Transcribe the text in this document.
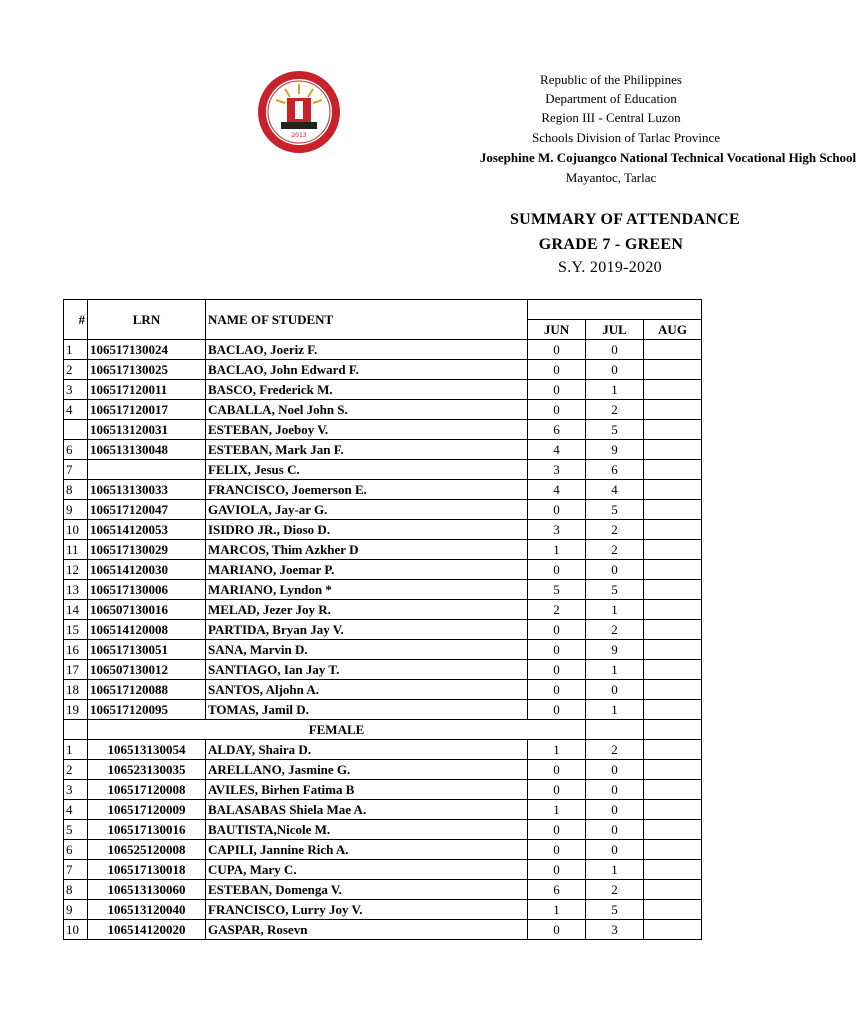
2013
Republic of the Philippines
Department of Education
Region III - Central Luzon
Schools Division of Tarlac Province
Josephine M. Cojuangco National Technical Vocational High School
Mayantoc, Tarlac
SUMMARY OF ATTENDANCE
GRADE 7 - GREEN
S.Y. 2019-2020
#	LRN	NAME OF STUDENT			
			JUN	JUL	AUG
1	106517130024	BACLAO, Joeriz F.	0	0	
2	106517130025	BACLAO, John Edward F.	0	0	
3	106517120011	BASCO, Frederick M.	0	1	
4	106517120017	CABALLA, Noel John S.	0	2	
	106513120031	ESTEBAN, Joeboy V.	6	5	
6	106513130048	ESTEBAN, Mark Jan F.	4	9	
7		FELIX, Jesus C.	3	6	
8	106513130033	FRANCISCO, Joemerson E.	4	4	
9	106517120047	GAVIOLA, Jay-ar G.	0	5	
10	106514120053	ISIDRO JR., Dioso D.	3	2	
11	106517130029	MARCOS, Thim Azkher D	1	2	
12	106514120030	MARIANO, Joemar P.	0	0	
13	106517130006	MARIANO, Lyndon *	5	5	
14	106507130016	MELAD, Jezer Joy R.	2	1	
15	106514120008	PARTIDA, Bryan Jay V.	0	2	
16	106517130051	SANA, Marvin D.	0	9	
17	106507130012	SANTIAGO, Ian Jay T.	0	1	
18	106517120088	SANTOS, Aljohn A.	0	0	
19	106517120095	TOMAS, Jamil D.	0	1	
	FEMALE				
1	106513130054	ALDAY, Shaira D.	1	2	
2	106523130035	ARELLANO, Jasmine G.	0	0	
3	106517120008	AVILES, Birhen Fatima B	0	0	
4	106517120009	BALASABAS Shiela Mae A.	1	0	
5	106517130016	BAUTISTA,Nicole M.	0	0	
6	106525120008	CAPILI, Jannine Rich A.	0	0	
7	106517130018	CUPA, Mary C.	0	1	
8	106513130060	ESTEBAN, Domenga V.	6	2	
9	106513120040	FRANCISCO, Lurry Joy V.	1	5	
10	106514120020	GASPAR, Rosevn	0	3	
